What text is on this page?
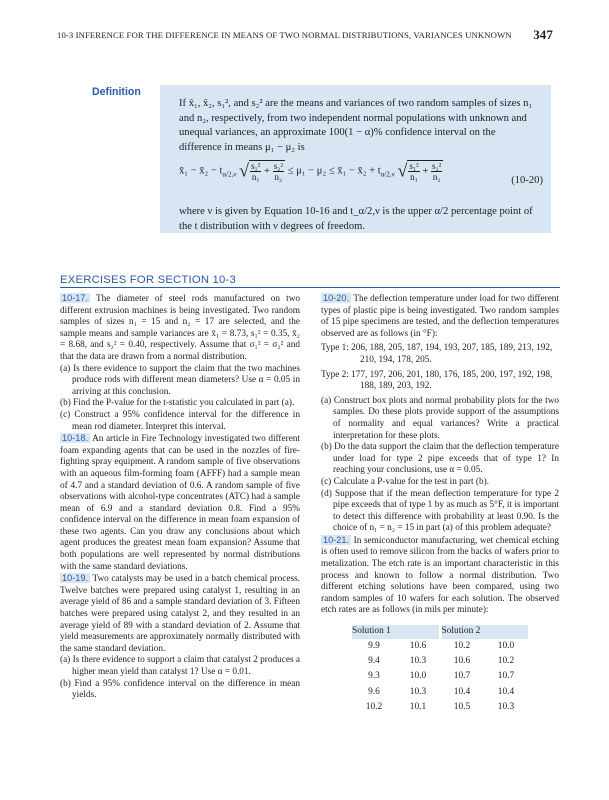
10-3 INFERENCE FOR THE DIFFERENCE IN MEANS OF TWO NORMAL DISTRIBUTIONS, VARIANCES UNKNOWN 347
Definition

If x̄₁, x̄₂, s₁², and s₂² are the means and variances of two random samples of sizes n₁ and n₂, respectively, from two independent normal populations with unknown and unequal variances, an approximate 100(1 − α)% confidence interval on the difference in means μ₁ − μ₂ is

x̄₁ − x̄₂ − $t_{\alpha/2,\nu}$ √ $\frac{\text{s₁²}}{\text{n₁}} + \frac{\text{s₂²}}{\text{n₂}} \le \mu_1 - \mu_2$ ≤ x̄₁ − x̄₂ + $t_{\alpha/2,\nu}$ √ $\frac{\text{s₁²}}{\text{n₁}} + \frac{\text{s₂²}}{\text{n₂}}$	(10-20)

where ν is given by Equation 10-16 and t_α/2,ν is the upper α/2 percentage point of the t distribution with ν degrees of freedom.

EXERCISES FOR SECTION 10-3

10-17. The diameter of steel rods manufactured on two different extrusion machines is being investigated. Two random samples of sizes n₁ = 15 and n₂ = 17 are selected, and the sample means and sample variances are x̄₁ = 8.73, s₁² = 0.35, x̄₂ = 8.68, and s₂² = 0.40, respectively. Assume that σ₁² = σ₂² and that the data are drawn from a normal distribution.

(a) Is there evidence to support the claim that the two machines produce rods with different mean diameters? Use α = 0.05 in arriving at this conclusion.

(b) Find the P-value for the t-statistic you calculated in part (a).

(c) Construct a 95% confidence interval for the difference in mean rod diameter. Interpret this interval.

10-18. An article in Fire Technology investigated two different foam expanding agents that can be used in the nozzles of fire-fighting spray equipment. A random sample of five observations with an aqueous film-forming foam (AFFF) had a sample mean of 4.7 and a standard deviation of 0.6. A random sample of five observations with alcohol-type concentrates (ATC) had a sample mean of 6.9 and a standard deviation 0.8. Find a 95% confidence interval on the difference in mean foam expansion of these two agents. Can you draw any conclusions about which agent produces the greatest mean foam expansion? Assume that both populations are well represented by normal distributions with the same standard deviations.

10-19. Two catalysts may be used in a batch chemical process. Twelve batches were prepared using catalyst 1, resulting in an average yield of 86 and a sample standard deviation of 3. Fifteen batches were prepared using catalyst 2, and they resulted in an average yield of 89 with a standard deviation of 2. Assume that yield measurements are approximately normally distributed with the same standard deviation.

(a) Is there evidence to support a claim that catalyst 2 produces a higher mean yield than catalyst 1? Use α = 0.01.

(b) Find a 95% confidence interval on the difference in mean yields.

10-20. The deflection temperature under load for two different types of plastic pipe is being investigated. Two random samples of 15 pipe specimens are tested, and the deflection temperatures observed are as follows (in °F):

Type 1: 206, 188, 205, 187, 194, 193, 207, 185, 189, 213, 192, 210, 194, 178, 205.

Type 2: 177, 197, 206, 201, 180, 176, 185, 200, 197, 192, 198, 188, 189, 203, 192.

(a) Construct box plots and normal probability plots for the two samples. Do these plots provide support of the assumptions of normality and equal variances? Write a practical interpretation for these plots.

(b) Do the data support the claim that the deflection temperature under load for type 2 pipe exceeds that of type 1? In reaching your conclusions, use α = 0.05.

(c) Calculate a P-value for the test in part (b).

(d) Suppose that if the mean deflection temperature for type 2 pipe exceeds that of type 1 by as much as 5°F, it is important to detect this difference with probability at least 0.90. Is the choice of n₁ = n₂ = 15 in part (a) of this problem adequate?

10-21. In semiconductor manufacturing, wet chemical etching is often used to remove silicon from the backs of wafers prior to metalization. The etch rate is an important characteristic in this process and known to follow a normal distribution. Two different etching solutions have been compared, using two random samples of 10 wafers for each solution. The observed etch rates are as follows (in mils per minute):

Solution 1		Solution 2	
9.9	10.6	10.2	10.0
9.4	10.3	10.6	10.2
9.3	10.0	10.7	10.7
9.6	10.3	10.4	10.4
10.2	10.1	10.5	10.3
